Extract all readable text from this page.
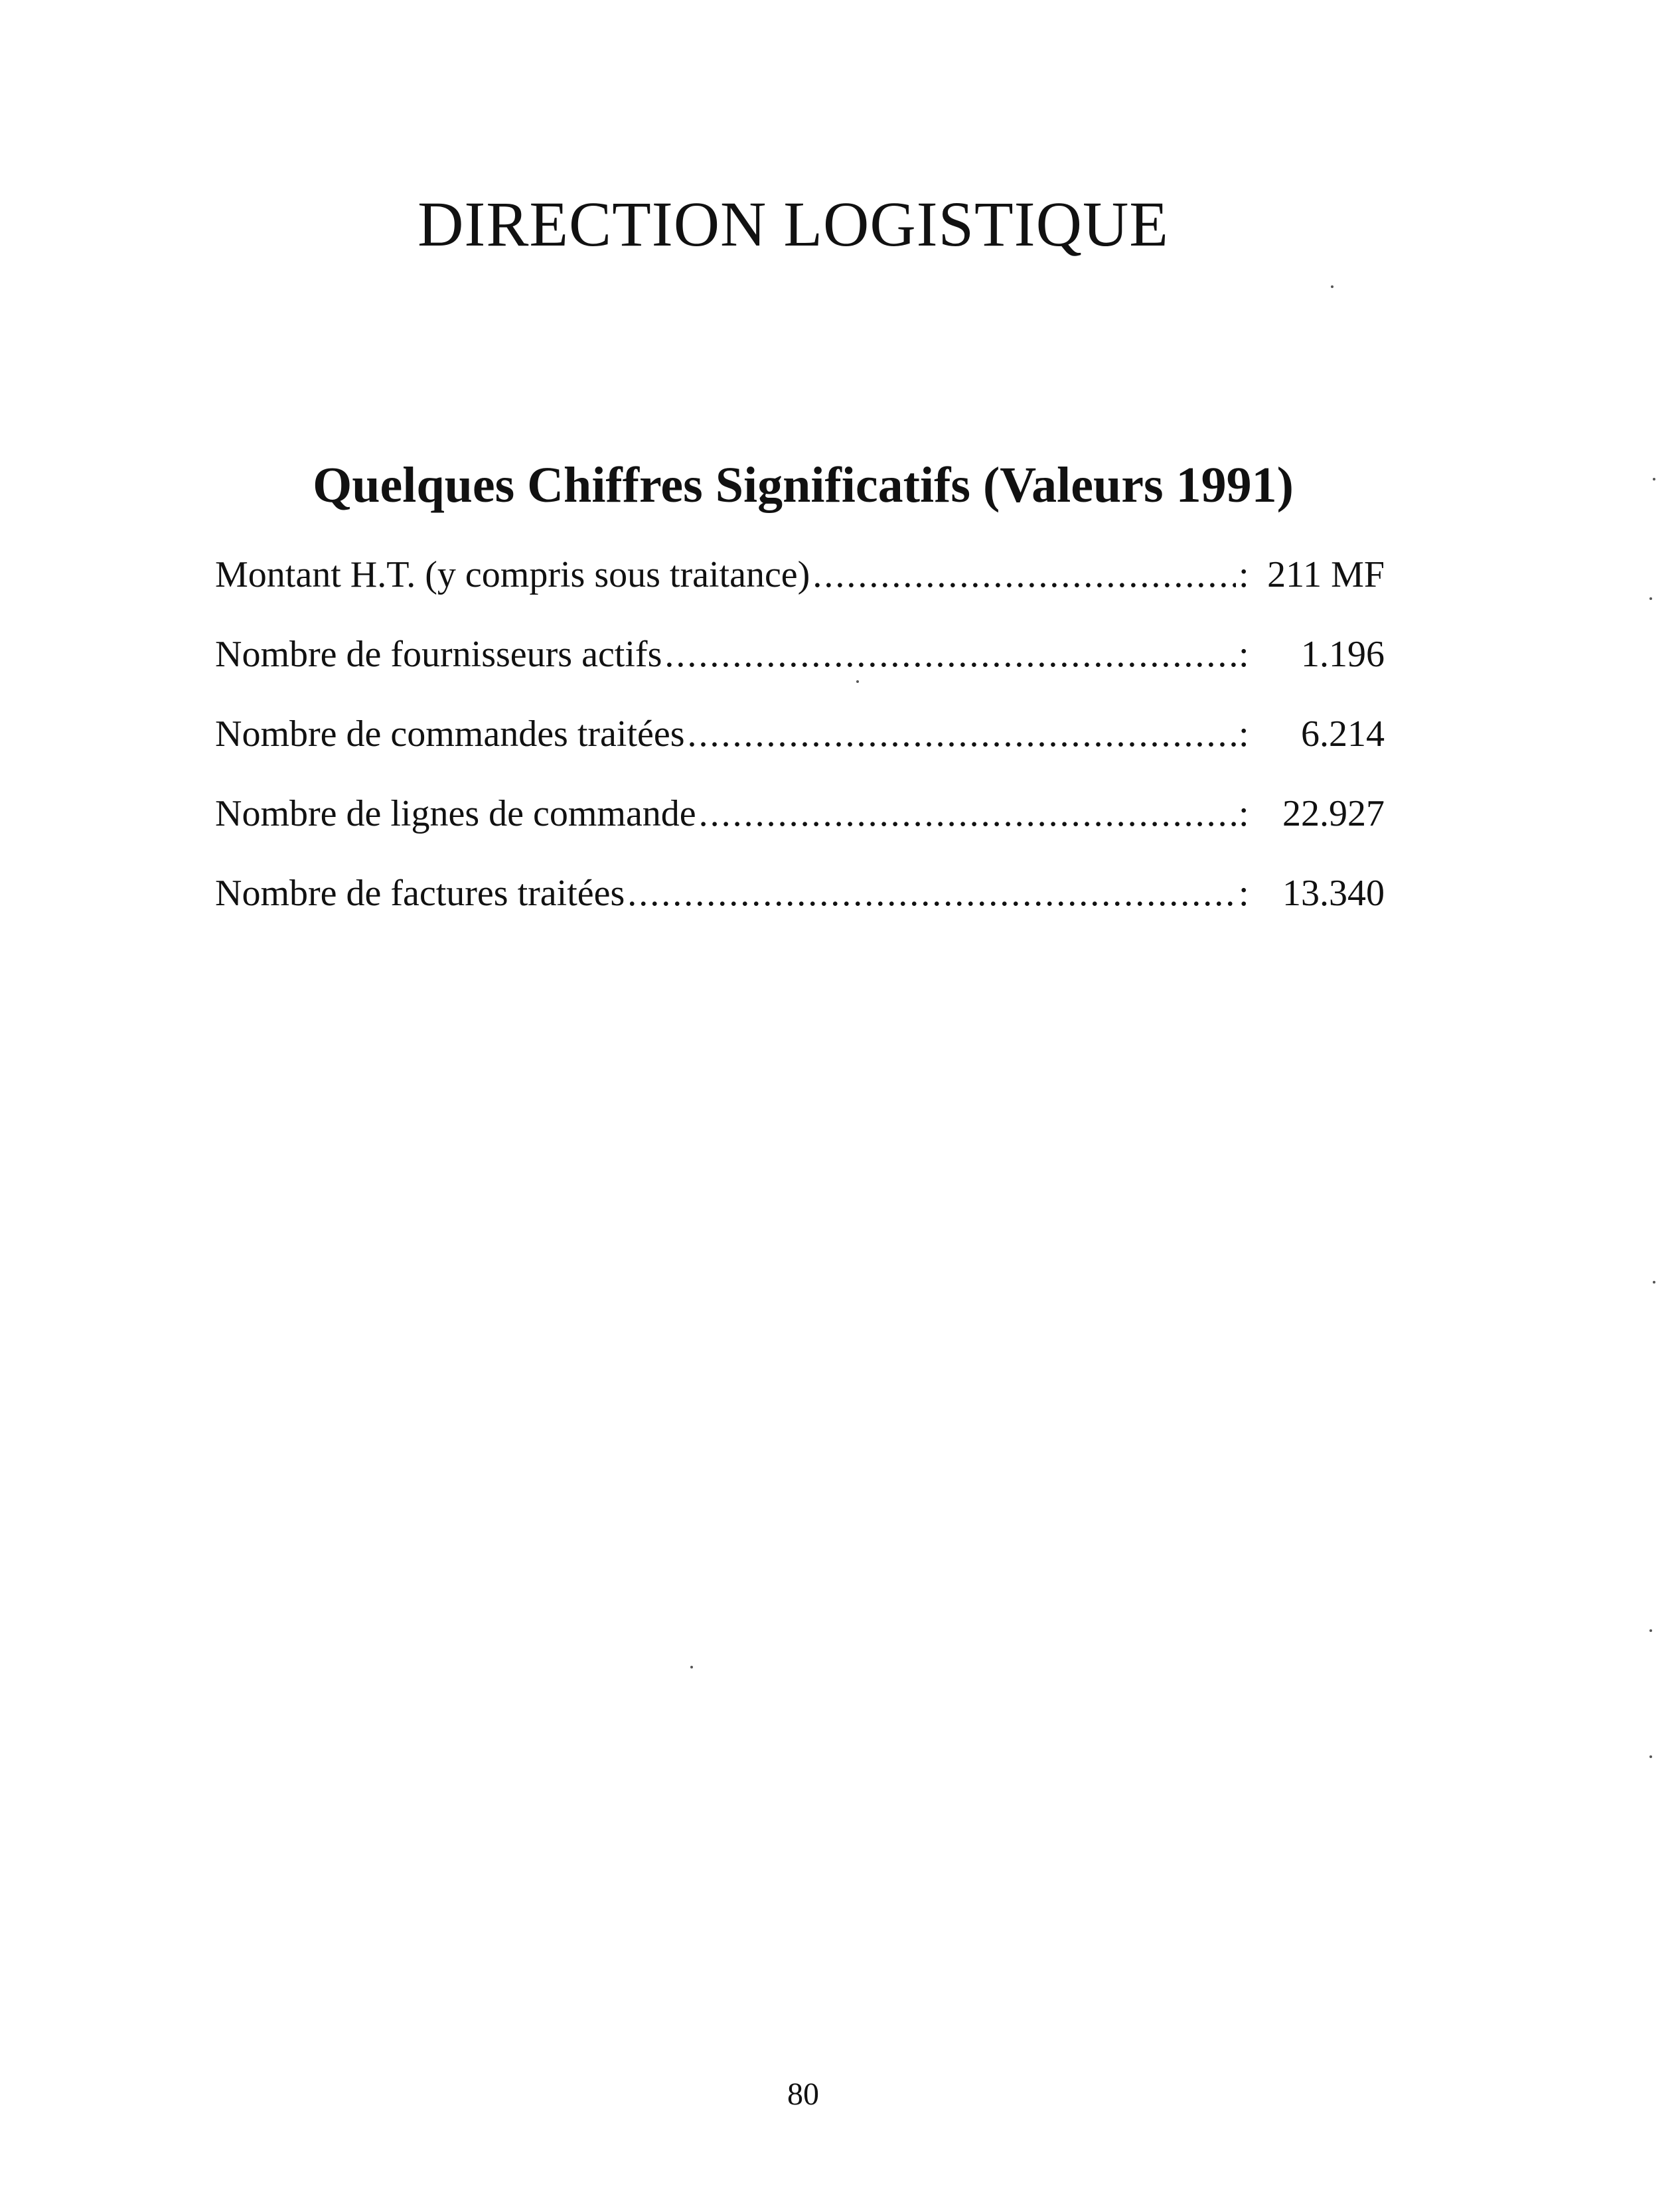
DIRECTION LOGISTIQUE
Quelques Chiffres Significatifs (Valeurs 1991)
Montant H.T. (y compris sous traitance) .....	: 211 MF
Nombre de fournisseurs actifs .....	:	1.196
Nombre de commandes traitées .....	:	6.214
Nombre de lignes de commande .....	: 22.927
Nombre de factures traitées .....	: 13.340
80
